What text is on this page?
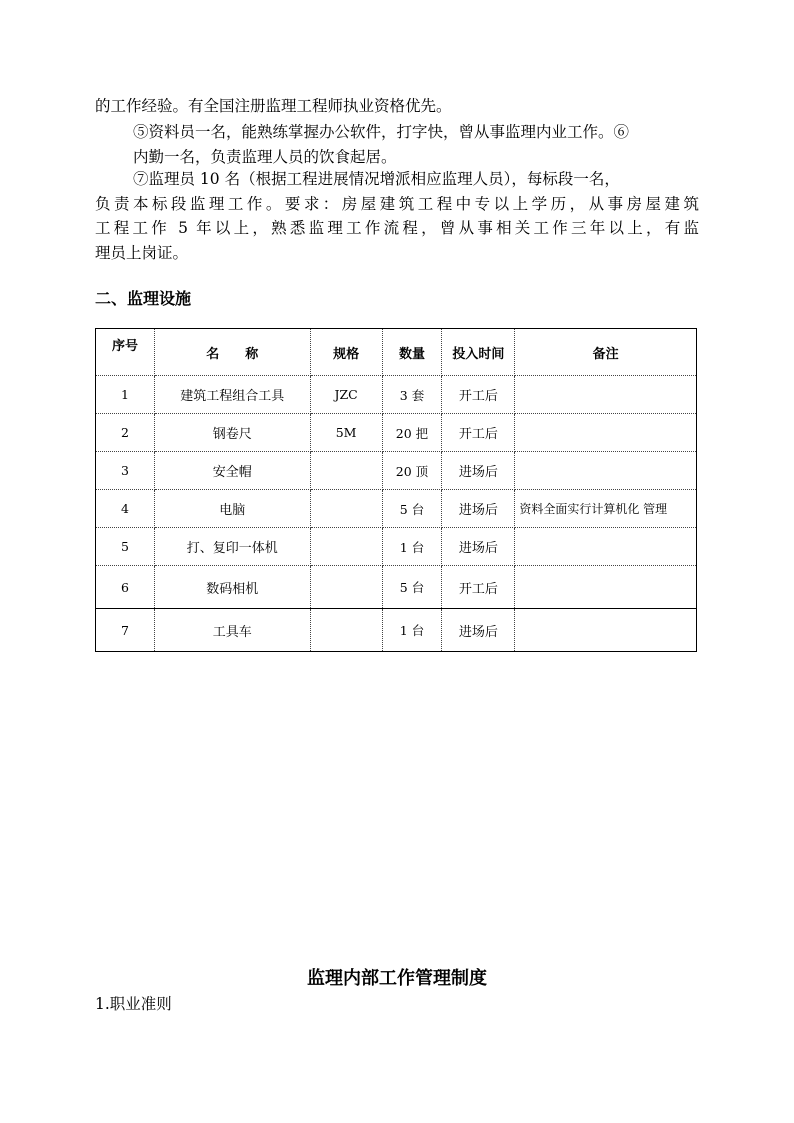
的工作经验。有全国注册监理工程师执业资格优先。
⑤资料员一名，能熟练掌握办公软件，打字快，曾从事监理内业工作。⑥
内勤一名，负责监理人员的饮食起居。
⑦监理员 10 名（根据工程进展情况增派相应监理人员），每标段一名，
负责本标段监理工作。要求：房屋建筑工程中专以上学历，从事房屋建筑
工程工作 5 年以上，熟悉监理工作流程，曾从事相关工作三年以上，有监
理员上岗证。
二、监理设施
序号	名　　称	规格	数量	投入时间	备注
1	建筑工程组合工具	JZC	3 套	开工后	
2	钢卷尺	5M	20 把	开工后	
3	安全帽		20 顶	进场后	
4	电脑		5 台	进场后	资料全面实行计算机化 管理
5	打、复印一体机		1 台	进场后	
6	数码相机		5 台	开工后	
7	工具车		1 台	进场后	
监理内部工作管理制度
1.职业准则
